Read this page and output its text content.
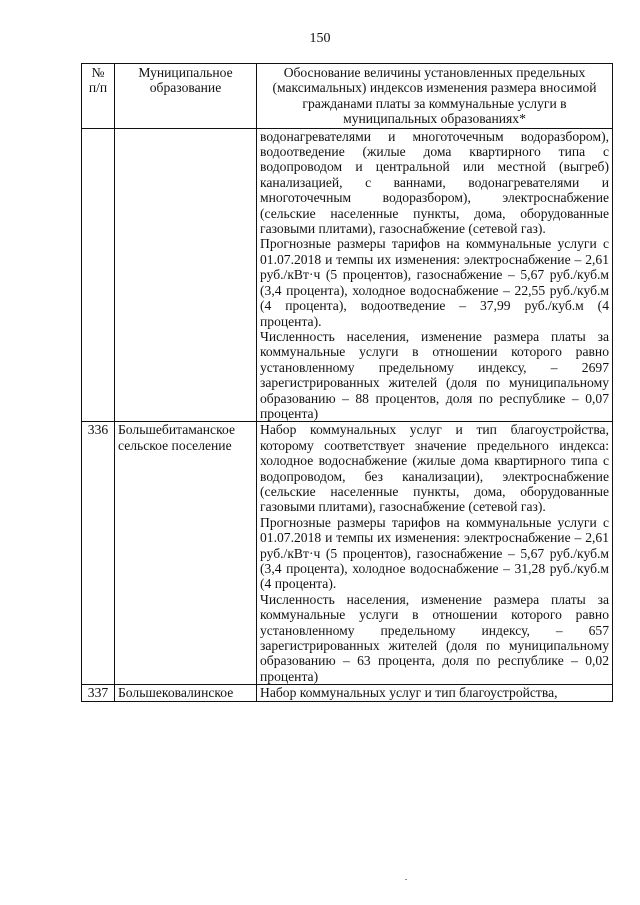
150
№ п/п	Муниципальное образование	Обоснование величины установленных предельных (максимальных) индексов изменения размера вносимой гражданами платы за коммунальные услуги в муниципальных образованиях*

		водонагревателями и многоточечным водоразбором), водоотведение (жилые дома квартирного типа с водопроводом и центральной или местной (выгреб) канализацией, с ваннами, водонагревателями и многоточечным водоразбором), электроснабжение (сельские населенные пункты, дома, оборудованные газовыми плитами), газоснабжение (сетевой газ).

Прогнозные размеры тарифов на коммунальные услуги с 01.07.2018 и темпы их изменения: электроснабжение – 2,61 руб./кВт·ч (5 процентов), газоснабжение – 5,67 руб./куб.м (3,4 процента), холодное водоснабжение – 22,55 руб./куб.м (4 процента), водоотведение – 37,99 руб./куб.м (4 процента).

Численность населения, изменение размера платы за коммунальные услуги в отношении которого равно установленному предельному индексу, – 2697 зарегистрированных жителей (доля по муниципальному образованию – 88 процентов, доля по республике – 0,07 процента)

336	Большебитаманское сельское поселение	Набор коммунальных услуг и тип благоустройства, которому соответствует значение предельного индекса: холодное водоснабжение (жилые дома квартирного типа с водопроводом, без канализации), электроснабжение (сельские населенные пункты, дома, оборудованные газовыми плитами), газоснабжение (сетевой газ).

Прогнозные размеры тарифов на коммунальные услуги с 01.07.2018 и темпы их изменения: электроснабжение – 2,61 руб./кВт·ч (5 процентов), газоснабжение – 5,67 руб./куб.м (3,4 процента), холодное водоснабжение – 31,28 руб./куб.м (4 процента).

Численность населения, изменение размера платы за коммунальные услуги в отношении которого равно установленному предельному индексу, – 657 зарегистрированных жителей (доля по муниципальному образованию – 63 процента, доля по республике – 0,02 процента)

337	Большековалинское	Набор коммунальных услуг и тип благоустройства,
